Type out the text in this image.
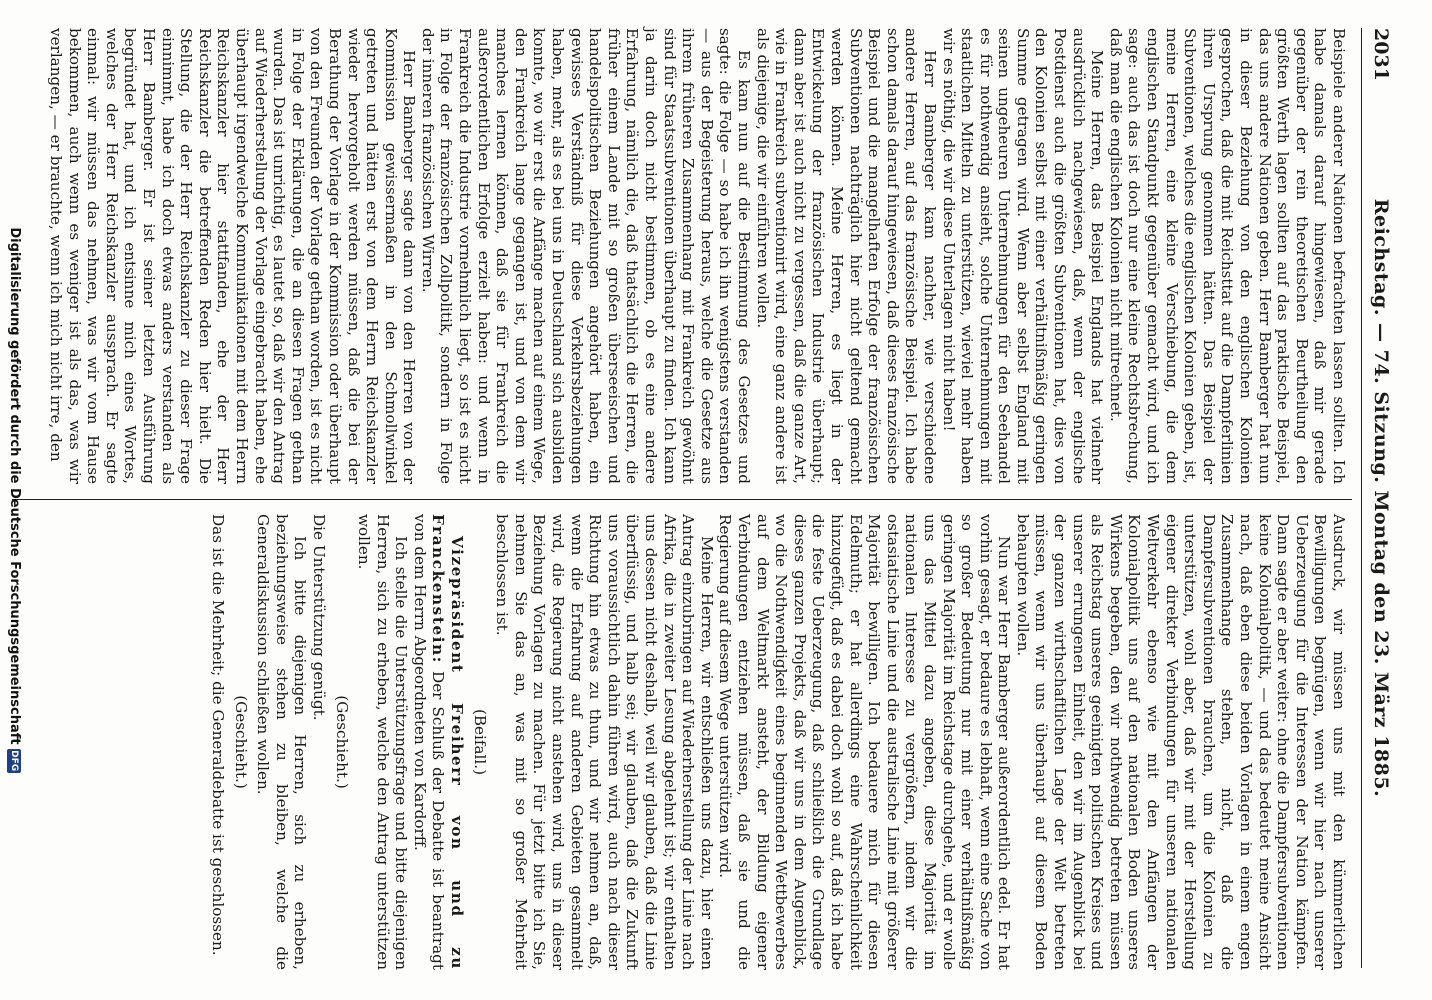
2031
Reichstag. — 74. Sitzung. Montag den 23. März 1885.

Beispiele anderer Nationen befrachten lassen sollten. Ich habe damals darauf hingewiesen, daß mir gerade gegenüber der rein theoretischen Beurtheilung den größten Werth lagen sollten auf das praktische Beispiel, das uns andere Nationen geben. Herr Bamberger hat nun in dieser Beziehung von den englischen Kolonien gesprochen, daß die mit Reichsttat auf die Dampferlinien ihren Ursprung genommen hätten. Das Beispiel der Subventionen, welches die englischen Kolonien geben, ist, meine Herren, eine kleine Verschiebung, die dem englischen Standpunkt gegenüber gemacht wird, und ich sage: auch das ist doch nur eine kleine Rechtsbrechung, daß man die englischen Kolonien nicht mitrechnet.

Meine Herren, das Beispiel Englands hat vielmehr ausdrücklich nachgewiesen, daß, wenn der englische Postdienst auch die größten Subventionen hat, dies von den Kolonien selbst mit einer verhältnißmäßig geringen Summe getragen wird. Wenn aber selbst England mit seinen ungeheuren Unternehmungen für den Seehandel es für nothwendig ansieht, solche Unternehmungen mit staatlichen Mitteln zu unterstützen, wieviel mehr haben wir es nöthig, die wir diese Unterlagen nicht haben!

Herr Bamberger kam nachher, wie verschiedene andere Herren, auf das französische Beispiel. Ich habe schon damals darauf hingewiesen, daß dieses französische Beispiel und die mangelhaften Erfolge der französischen Subventionen nachträglich hier nicht geltend gemacht werden können. Meine Herren, es liegt in der Entwickelung der französischen Industrie überhaupt; dann aber ist auch nicht zu vergessen, daß die ganze Art, wie in Frankreich subventionirt wird, eine ganz andere ist als diejenige, die wir einführen wollen.

Es kam nun auf die Bestimmung des Gesetzes und sagte: die Folge — so habe ich ihn wenigstens verstanden — aus der Begeisterung heraus, welche die Gesetze aus ihrem früheren Zusammenhang mit Frankreich gewöhnt sind für Staatssubventionen überhaupt zu finden. Ich kann ja darin doch nicht bestimmen, ob es eine andere Erfahrung, nämlich die, daß thatsächlich die Herren, die früher einem Lande mit so großen überseeischen und handelspolitischen Beziehungen angehört haben, ein gewisses Verständniß für diese Verkehrsbeziehungen haben, mehr, als es bei uns in Deutschland sich ausbilden konnte, wo wir erst die Anfänge machen auf einem Wege, den Frankreich lange gegangen ist, und von dem wir manches lernen können, daß sie für Frankreich die außerordentlichen Erfolge erzielt haben: und wenn in Frankreich die Industrie vornehmlich liegt, so ist es nicht in Folge der französischen Zollpolitik, sondern in Folge der inneren französischen Wirren.

Herr Bamberger sagte dann von den Herren von der Kommission gewissermaßen in den Schmollwinkel getreten und hätten erst von dem Herrn Reichskanzler wieder hervorgeholt werden müssen, daß die bei der Berathung der Vorlage in der Kommission oder überhaupt von den Freunden der Vorlage gethan worden, ist es nicht in Folge der Erklärungen, die an diesen Fragen gethan wurden. Das ist unrichtig, es lautet so, daß wir den Antrag auf Wiederherstellung der Vorlage eingebracht haben, ehe überhaupt irgendwelche Kommunikationen mit dem Herrn Reichskanzler hier stattfanden, ehe der Herr Reichskanzler die betreffenden Reden hier hielt. Die Stellung, die der Herr Reichskanzler zu dieser Frage einnimmt, habe ich doch etwas anders verstanden als Herr Bamberger. Er ist seiner letzten Ausführung begründet hat, und ich entsinne mich eines Wortes, welches der Herr Reichskanzler aussprach. Er sagte einmal: wir müssen das nehmen, was wir vom Hause bekommen, auch wenn es weniger ist als das, was wir verlangen, — er brauchte, wenn ich mich nicht irre, den

Ausdruck, wir müssen uns mit den kümmerlichen Bewilligungen begnügen, wenn wir hier nach unserer Ueberzeugung für die Interessen der Nation kämpfen. Dann sagte er aber weiter: ohne die Dampfersubventionen keine Kolonialpolitik, — und das bedeutet meine Ansicht nach, daß eben diese beiden Vorlagen in einem engen Zusammenhange stehen, nicht, daß die Dampfersubventionen brauchen, um die Kolonien zu unterstützen, wohl aber, daß wir mit der Herstellung eigener direkter Verbindungen für unseren nationalen Weltverkehr ebenso wie mit den Anfängen der Kolonialpolitik uns auf den nationalen Boden unseres Wirkens begeben, den wir nothwendig betreten müssen als Reichstag unseres geeinigten politischen Kreises und unserer errungenen Einheit, den wir im Augenblick bei der ganzen wirthschaftlichen Lage der Welt betreten müssen, wenn wir uns überhaupt auf diesem Boden behaupten wollen.

Nun war Herr Bamberger außerordentlich edel. Er hat vorhin gesagt, er bedaure es lebhaft, wenn eine Sache von so großer Bedeutung nur mit einer verhältnißmäßig geringen Majorität im Reichstage durchgehe, und er wolle uns das Mittel dazu angeben, diese Majorität im nationalen Interesse zu vergrößern, indem wir die ostasiatische Linie und die australische Linie mit größerer Majorität bewilligen. Ich bedauere mich für diesen Edelmuth; er hat allerdings eine Wahrscheinlichkeit hinzugefügt, daß es dabei doch wohl so auf, daß ich habe die feste Ueberzeugung, daß schließlich die Grundlage dieses ganzen Projekts, daß wir uns in dem Augenblick, wo die Nothwendigkeit eines beginnenden Wettbewerbes auf dem Weltmarkt ansteht, der Bildung eigener Verbindungen entziehen müssen, daß sie und die Regierung auf diesem Wege unterstützen wird.

Meine Herren, wir entschließen uns dazu, hier einen Antrag einzubringen auf Wiederherstellung der Linie nach Afrika, die in zweiter Lesung abgelehnt ist; wir enthalten uns dessen nicht deshalb, weil wir glauben, daß die Linie überflüssig, und halb sei; wir glauben, daß die Zukunft uns voraussichtlich dahin führen wird, auch nach dieser Richtung hin etwas zu thun, und wir nehmen an, daß, wenn die Erfahrung auf anderen Gebieten gesammelt wird, die Regierung nicht anstehen wird, uns in dieser Beziehung Vorlagen zu machen. Für jetzt bitte ich Sie, nehmen Sie das an, was mit so großer Mehrheit beschlossen ist.

(Beifall.)

Vizepräsident Freiherr von und zu Franckenstein: Der Schluß der Debatte ist beantragt von dem Herrn Abgeordneten von Kardorff.

Ich stelle die Unterstützungsfrage und bitte diejenigen Herren, sich zu erheben, welche den Antrag unterstützen wollen.

(Geschieht.)

Die Unterstützung genügt.

Ich bitte diejenigen Herren, sich zu erheben, beziehungsweise stehen zu bleiben, welche die Generaldiskussion schließen wollen.

(Geschieht.)

Das ist die Mehrheit; die Generaldebatte ist geschlossen.

Digitalisierung gefördert durch die Deutsche ForschungsgemeinschaftDFG
